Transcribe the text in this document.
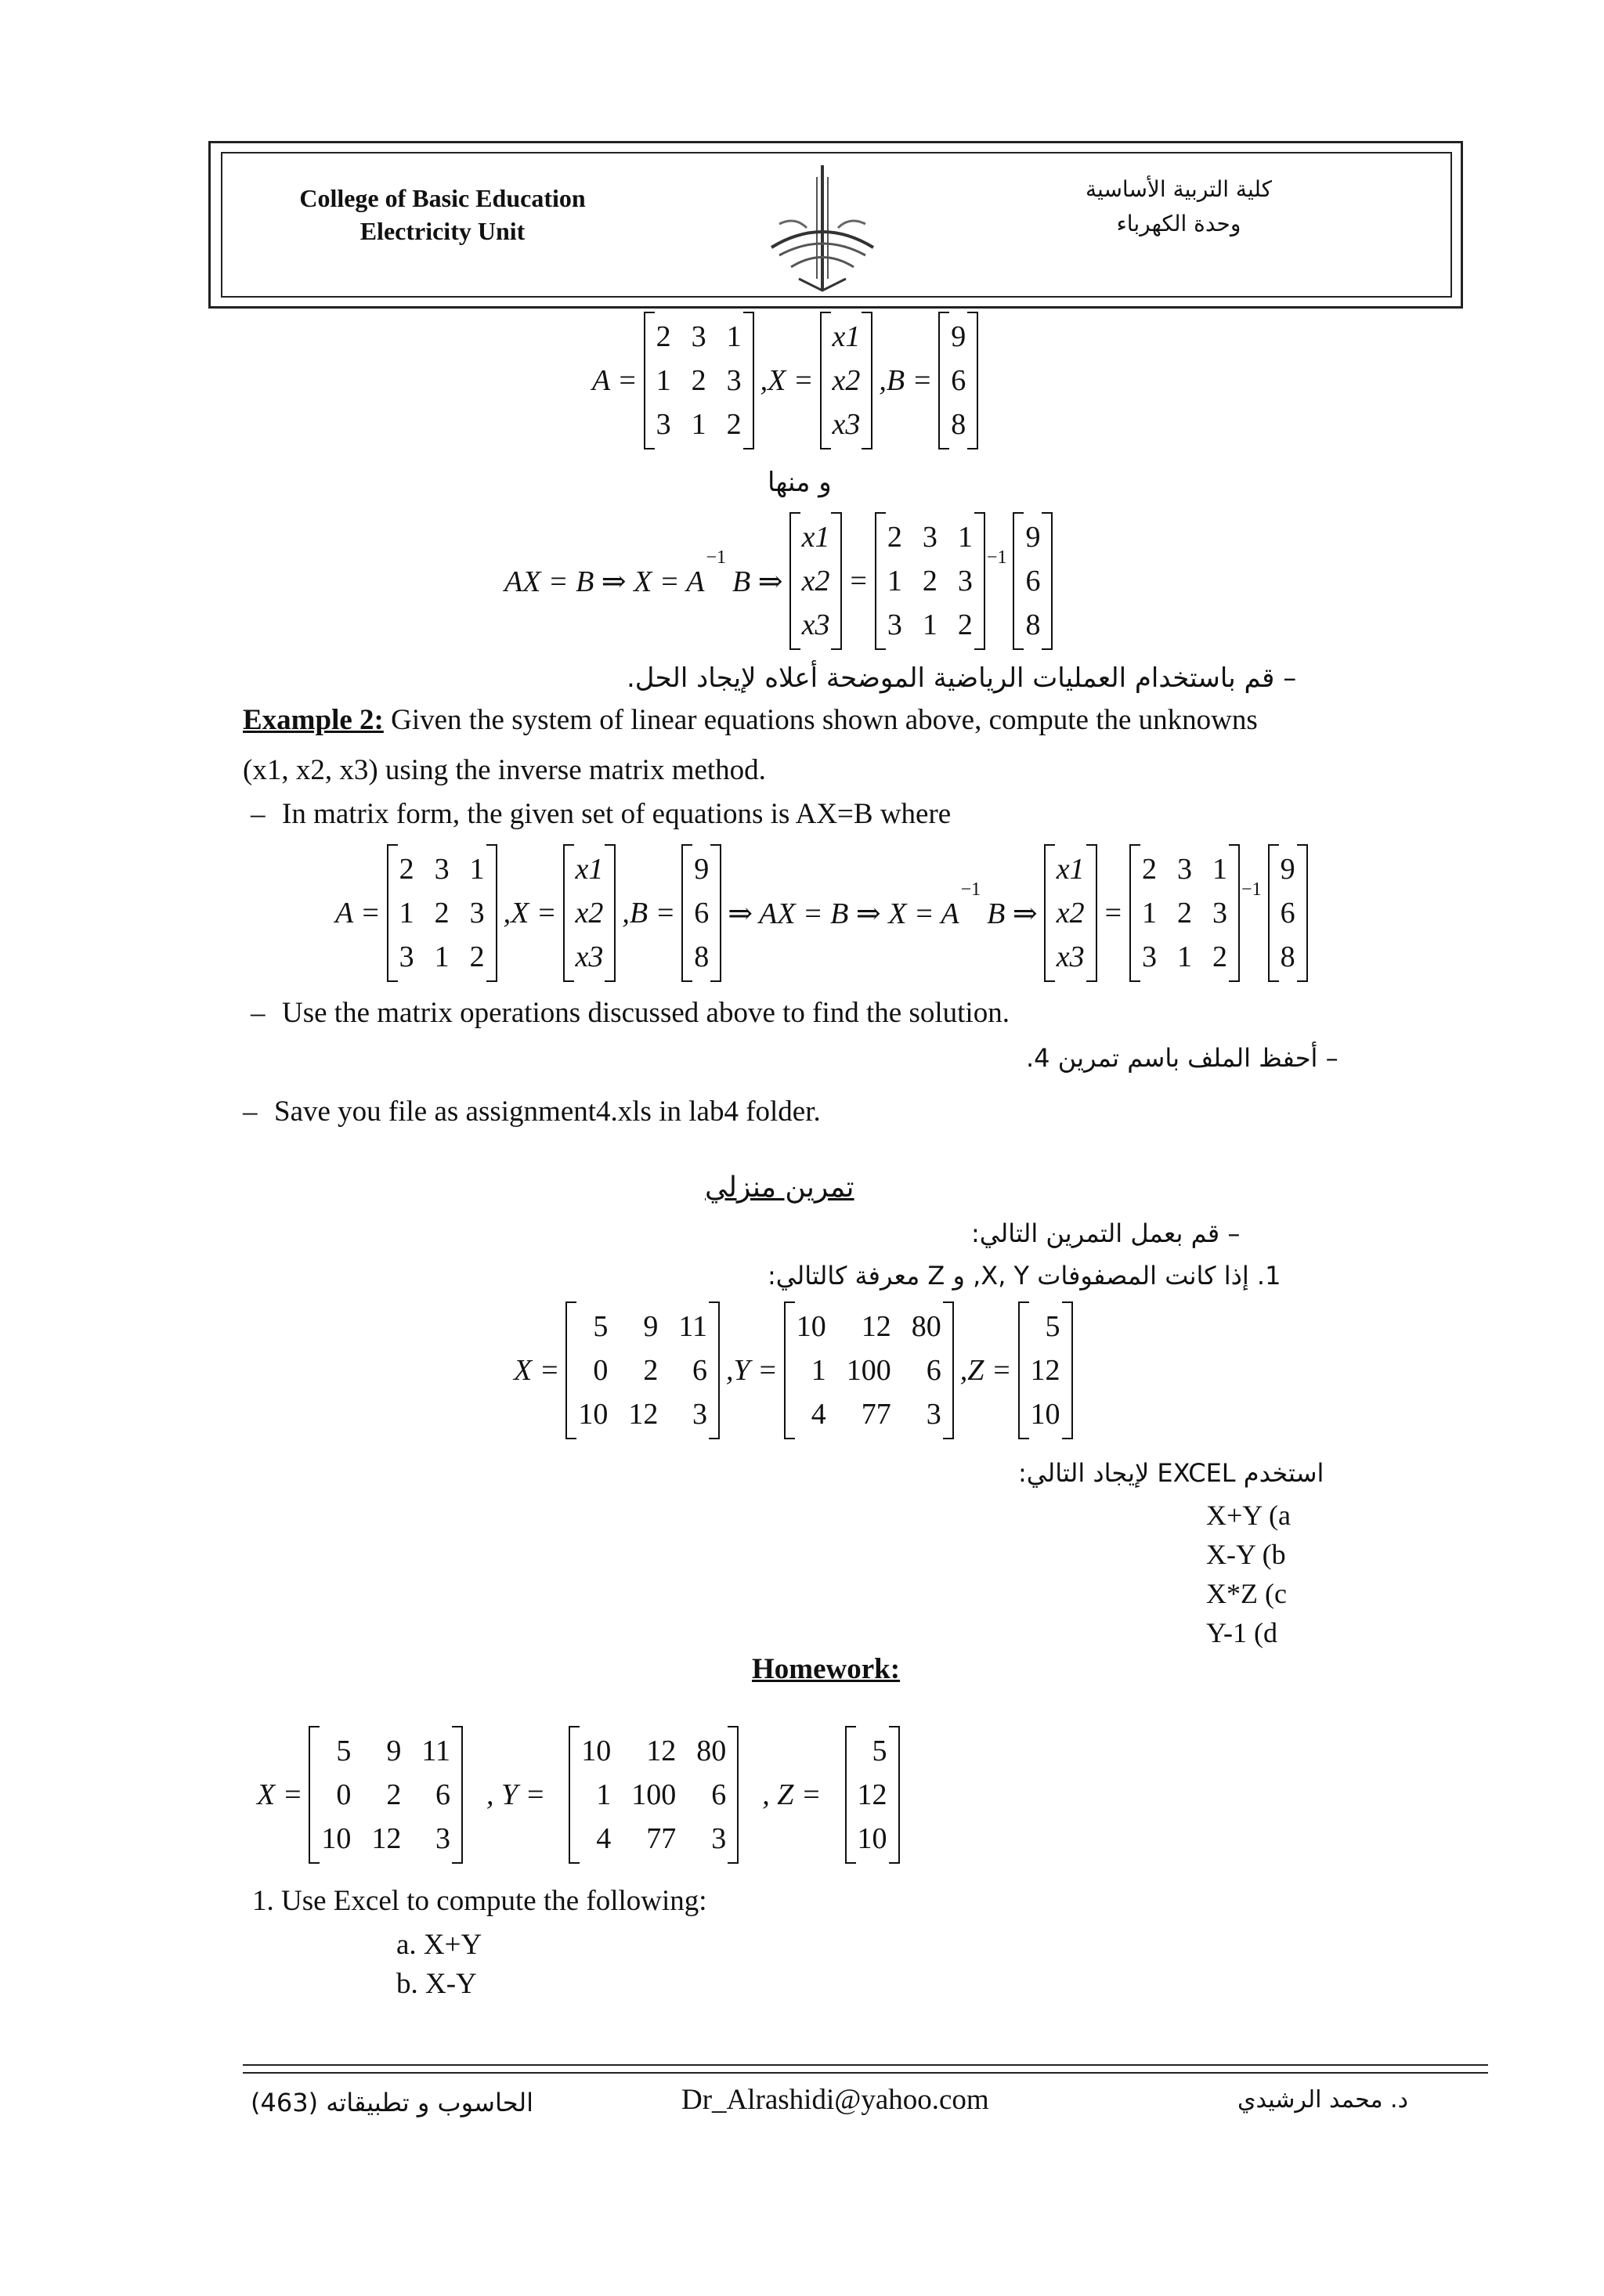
College of Basic Education
Electricity Unit
كلية التربية الأساسية
وحدة الكهرباء
A =
2 3 1
1 2 3
3 1 2
,X =
x1
x2
x3
,B =
9
6
8
و منها
AX = B ⇒ X = A
−1
B ⇒
x1
x2
x3
=
2 3 1
1 2 3
3 1 2
−1
9
6
8
– قم باستخدام العمليات الرياضية الموضحة أعلاه لإيجاد الحل.
Example 2: Given the system of linear equations shown above, compute the unknowns
(x1, x2, x3) using the inverse matrix method.
– In matrix form, the given set of equations is AX=B where
A =
2 3 1
1 2 3
3 1 2
,X =
x1
x2
x3
,B =
9
6
8
⇒ AX = B ⇒ X = A
−1
B ⇒
x1
x2
x3
=
2 3 1
1 2 3
3 1 2
−1
9
6
8
– Use the matrix operations discussed above to find the solution.
– أحفظ الملف باسم تمرين 4.
– Save you file as assignment4.xls in lab4 folder.
تمرين منزلي
– قم بعمل التمرين التالي:
1. إذا كانت المصفوفات X, Y, و Z معرفة كالتالي:
X =
5	9 11
0	2	6
10 12	3
,Y =
10	12 80
1 100	6
4	77	3
,Z =
5
12
10
استخدم EXCEL لإيجاد التالي:
X+Y (a
X-Y (b
X*Z (c
Y-1 (d
Homework:
X =
5	9 11
0	2	6
10 12	3
, Y =
10	12 80
1 100	6
4	77	3
, Z =
5
12
10
1. Use Excel to compute the following:
a. X+Y
b. X-Y
الحاسوب و تطبيقاته (463)	Dr_Alrashidi@yahoo.com	د. محمد الرشيدي
